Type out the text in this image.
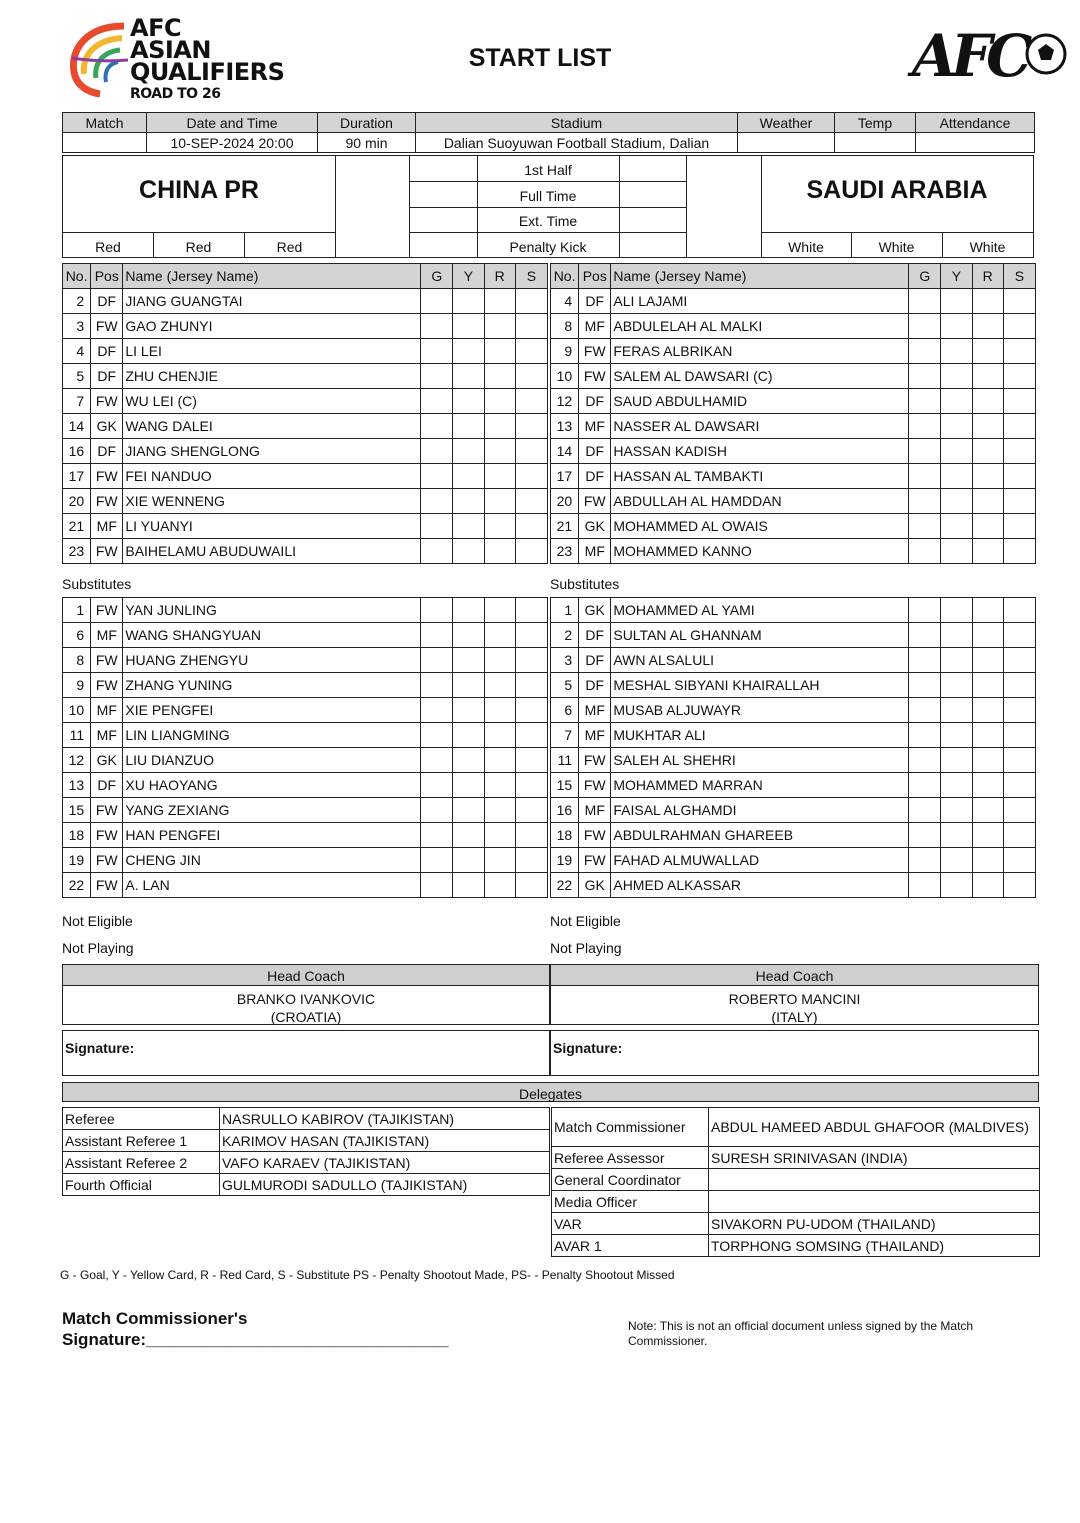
AFC
ASIAN
QUALIFIERS
ROAD TO 26
START LIST	AFC
Match	Date and Time	Duration	Stadium	Weather	Temp	Attendance
	10-SEP-2024 20:00	90 min	Dalian Suoyuwan Football Stadium, Dalian			
CHINA PR	SAUDI ARABIA
1st Half
Full Time
Ext. Time
Penalty Kick
Red	Red	Red	White	White	White
No.	Pos	Name (Jersey Name)	G	Y	R	S
2	DF	JIANG GUANGTAI				
3	FW	GAO ZHUNYI				
4	DF	LI LEI				
5	DF	ZHU CHENJIE				
7	FW	WU LEI (C)				
14	GK	WANG DALEI				
16	DF	JIANG SHENGLONG				
17	FW	FEI NANDUO				
20	FW	XIE WENNENG				
21	MF	LI YUANYI				
23	FW	BAIHELAMU ABUDUWAILI				
No.	Pos	Name (Jersey Name)	G	Y	R	S
4	DF	ALI LAJAMI				
8	MF	ABDULELAH AL MALKI				
9	FW	FERAS ALBRIKAN				
10	FW	SALEM AL DAWSARI (C)				
12	DF	SAUD ABDULHAMID				
13	MF	NASSER AL DAWSARI				
14	DF	HASSAN KADISH				
17	DF	HASSAN AL TAMBAKTI				
20	FW	ABDULLAH AL HAMDDAN				
21	GK	MOHAMMED AL OWAIS				
23	MF	MOHAMMED KANNO				
1	FW	YAN JUNLING				
6	MF	WANG SHANGYUAN				
8	FW	HUANG ZHENGYU				
9	FW	ZHANG YUNING				
10	MF	XIE PENGFEI				
11	MF	LIN LIANGMING				
12	GK	LIU DIANZUO				
13	DF	XU HAOYANG				
15	FW	YANG ZEXIANG				
18	FW	HAN PENGFEI				
19	FW	CHENG JIN				
22	FW	A. LAN				
1	GK	MOHAMMED AL YAMI				
2	DF	SULTAN AL GHANNAM				
3	DF	AWN ALSALULI				
5	DF	MESHAL SIBYANI KHAIRALLAH				
6	MF	MUSAB ALJUWAYR				
7	MF	MUKHTAR ALI				
11	FW	SALEH AL SHEHRI				
15	FW	MOHAMMED MARRAN				
16	MF	FAISAL ALGHAMDI				
18	FW	ABDULRAHMAN GHAREEB				
19	FW	FAHAD ALMUWALLAD				
22	GK	AHMED ALKASSAR				
Substitutes	Substitutes
Not Eligible	Not Eligible
Not Playing	Not Playing
Head Coach	Head Coach
BRANKO IVANKOVIC
(CROATIA)
ROBERTO MANCINI
(ITALY)
Signature:	Signature:
Delegates
Referee	NASRULLO KABIROV (TAJIKISTAN)
Assistant Referee 1	KARIMOV HASAN (TAJIKISTAN)
Assistant Referee 2	VAFO KARAEV (TAJIKISTAN)
Fourth Official	GULMURODI SADULLO (TAJIKISTAN)
Match Commissioner	ABDUL HAMEED ABDUL GHAFOOR (MALDIVES)
Referee Assessor	SURESH SRINIVASAN (INDIA)
General Coordinator	
Media Officer	
VAR	SIVAKORN PU-UDOM (THAILAND)
AVAR 1	TORPHONG SOMSING (THAILAND)
G - Goal, Y - Yellow Card, R - Red Card, S - Substitute PS - Penalty Shootout Made, PS- - Penalty Shootout Missed
Match Commissioner's
Signature:________________________________
Note: This is not an official document unless signed by the Match
Commissioner.
